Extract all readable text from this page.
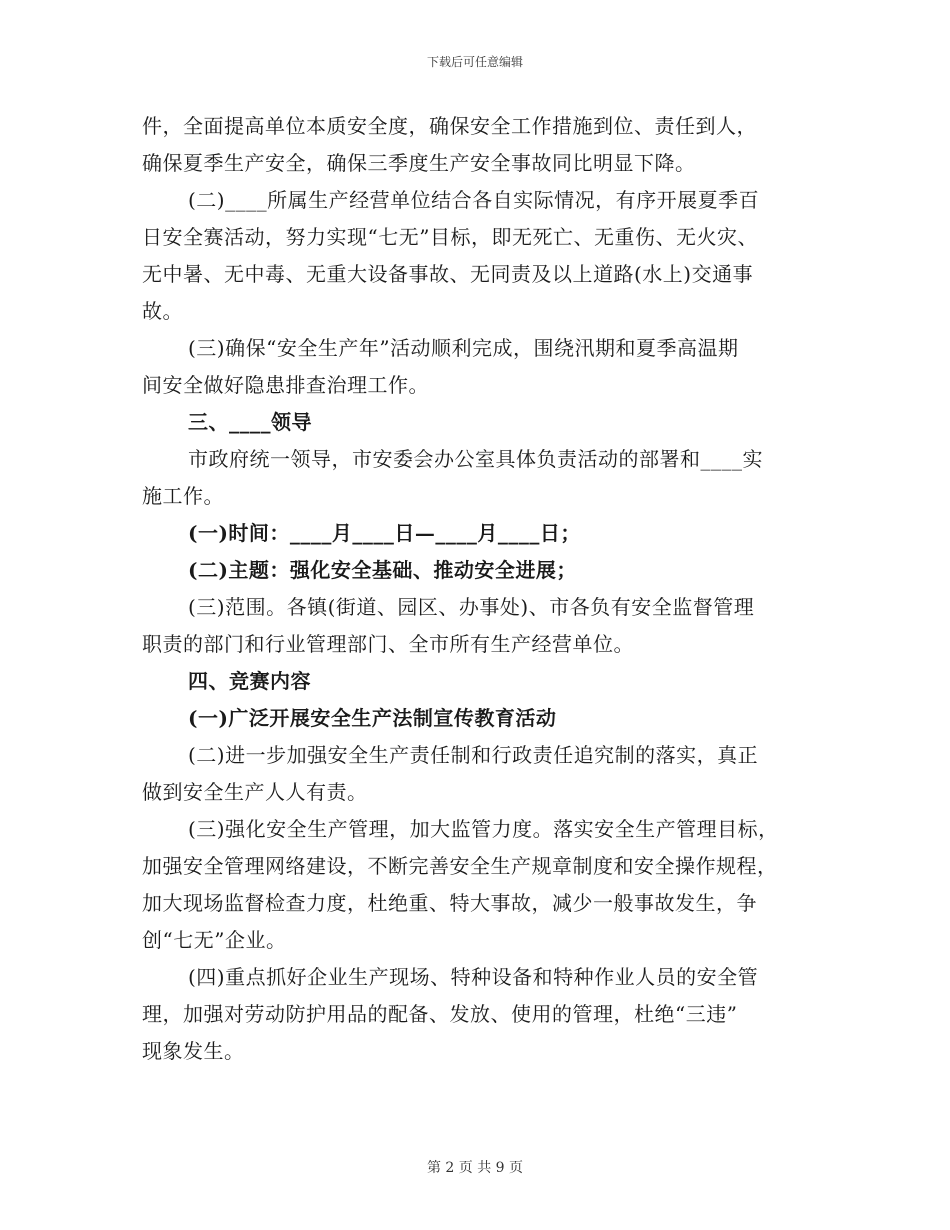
下载后可任意编辑
件，全面提高单位本质安全度，确保安全工作措施到位、责任到人，
确保夏季生产安全，确保三季度生产安全事故同比明显下降。
(二)____所属生产经营单位结合各自实际情况，有序开展夏季百
日安全赛活动，努力实现“七无”目标，即无死亡、无重伤、无火灾、
无中暑、无中毒、无重大设备事故、无同责及以上道路(水上)交通事
故。
(三)确保“安全生产年”活动顺利完成，围绕汛期和夏季高温期
间安全做好隐患排查治理工作。
三、____领导
市政府统一领导，市安委会办公室具体负责活动的部署和____实
施工作。
(一)时间：____月____日—____月____日；
(二)主题：强化安全基础、推动安全进展；
(三)范围。各镇(街道、园区、办事处)、市各负有安全监督管理
职责的部门和行业管理部门、全市所有生产经营单位。
四、竞赛内容
(一)广泛开展安全生产法制宣传教育活动
(二)进一步加强安全生产责任制和行政责任追究制的落实，真正
做到安全生产人人有责。
(三)强化安全生产管理，加大监管力度。落实安全生产管理目标，
加强安全管理网络建设，不断完善安全生产规章制度和安全操作规程，
加大现场监督检查力度，杜绝重、特大事故，减少一般事故发生，争
创“七无”企业。
(四)重点抓好企业生产现场、特种设备和特种作业人员的安全管
理，加强对劳动防护用品的配备、发放、使用的管理，杜绝“三违”
现象发生。
第 2 页 共 9 页
